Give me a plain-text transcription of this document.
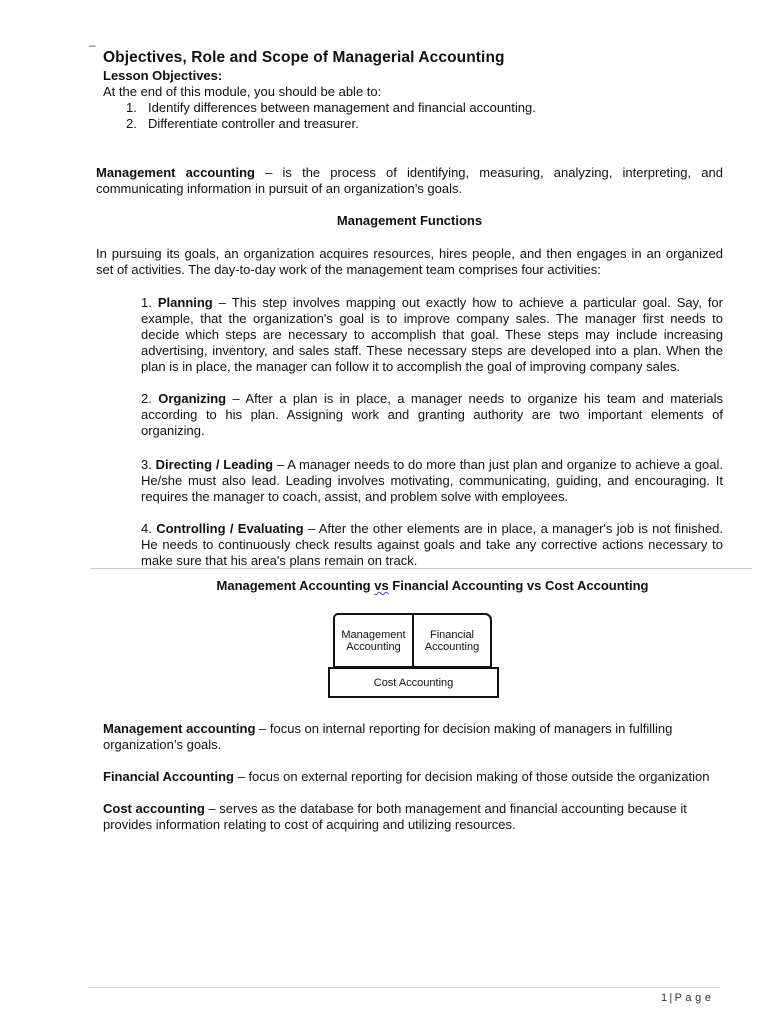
–
Objectives, Role and Scope of Managerial Accounting
Lesson Objectives:
At the end of this module, you should be able to:
1. Identify differences between management and financial accounting.
2. Differentiate controller and treasurer.
Management accounting – is the process of identifying, measuring, analyzing, interpreting, and communicating information in pursuit of an organization’s goals.
Management Functions
In pursuing its goals, an organization acquires resources, hires people, and then engages in an organized set of activities. The day-to-day work of the management team comprises four activities:
1. Planning – This step involves mapping out exactly how to achieve a particular goal. Say, for example, that the organization's goal is to improve company sales. The manager first needs to decide which steps are necessary to accomplish that goal. These steps may include increasing advertising, inventory, and sales staff. These necessary steps are developed into a plan. When the plan is in place, the manager can follow it to accomplish the goal of improving company sales.
2. Organizing – After a plan is in place, a manager needs to organize his team and materials according to his plan. Assigning work and granting authority are two important elements of organizing.
3. Directing / Leading – A manager needs to do more than just plan and organize to achieve a goal. He/she must also lead. Leading involves motivating, communicating, guiding, and encouraging. It requires the manager to coach, assist, and problem solve with employees.
4. Controlling / Evaluating – After the other elements are in place, a manager's job is not finished. He needs to continuously check results against goals and take any corrective actions necessary to make sure that his area's plans remain on track.
Management Accounting vs Financial Accounting vs Cost Accounting
Management Accounting
Financial Accounting
Cost Accounting
Management accounting – focus on internal reporting for decision making of managers in fulfilling organization’s goals.
Financial Accounting – focus on external reporting for decision making of those outside the organization
Cost accounting – serves as the database for both management and financial accounting because it provides information relating to cost of acquiring and utilizing resources.
1 | P a g e
